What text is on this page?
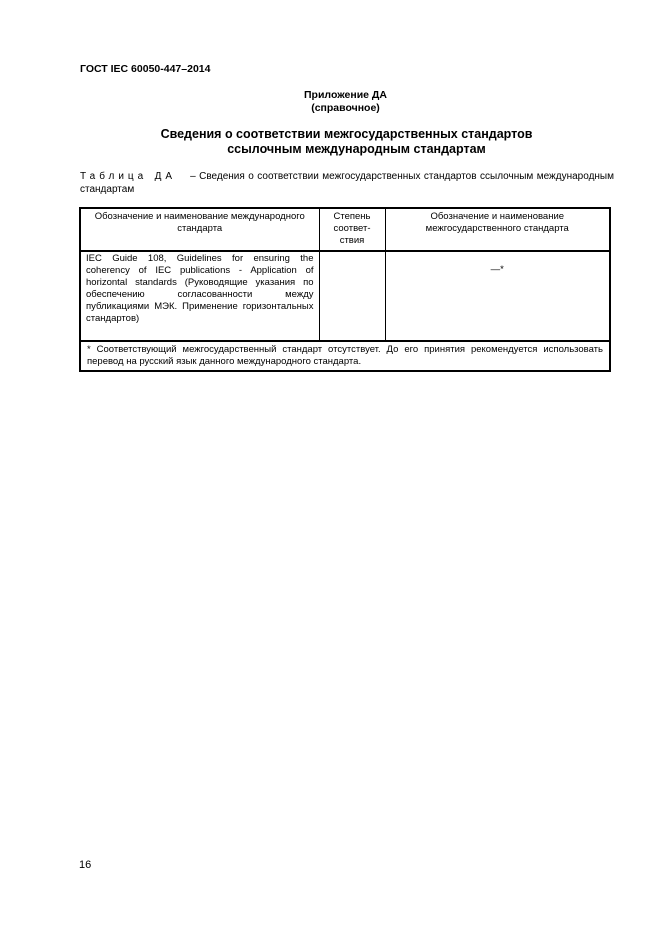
ГОСТ IEC 60050-447–2014
Приложение ДА
(справочное)
Сведения о соответствии межгосударственных стандартов
ссылочным международным стандартам
Таблица ДА – Сведения о соответствии межгосударственных стандартов ссылочным международным стандартам
Обозначение и наименование международного стандарта	Степень соответ-ствия	Обозначение и наименование межгосударственного стандарта
IEC Guide 108, Guidelines for ensuring the coherency of IEC publications - Application of horizontal standards (Руководящие указания по обеспечению согласованности между публикациями МЭК. Применение горизонтальных стандартов)		—*
* Соответствующий межгосударственный стандарт отсутствует. До его принятия рекомендуется использовать перевод на русский язык данного международного стандарта.		
16
